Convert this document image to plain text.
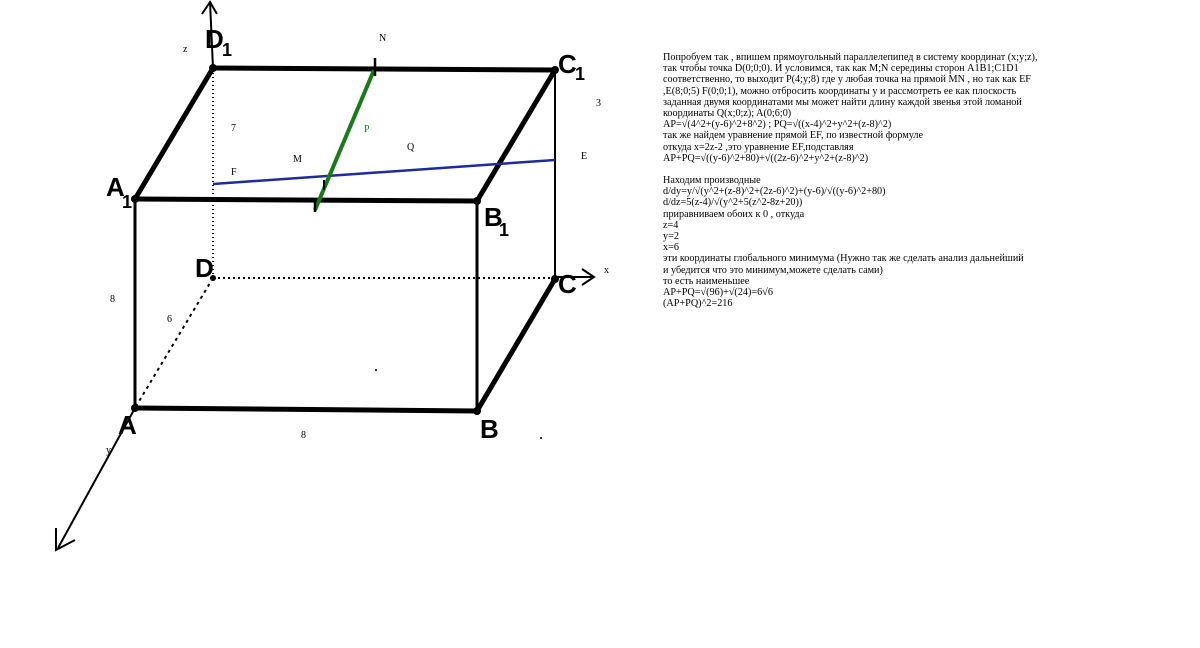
D
1	C
1
A
1	B
1
D
C
A	B
N
M
P
Q
F
E
z
x
y
8
8
6
7
3
Попробуем так , впишем прямоугольный параллелепипед в систему координат (x;y;z),
так чтобы точка D(0;0;0). И условимся, так как M;N середины сторон A1B1;C1D1
соответственно, то выходит P(4;y;8) где y любая точка на прямой MN , но так как EF
,E(8;0;5) F(0;0;1), можно отбросить координаты y и рассмотреть ее как плоскость
заданная двумя координатами мы может найти длину каждой звенья этой ломаной
координаты Q(x;0;z); A(0;6;0)
AP=√(4^2+(y-6)^2+8^2) ; PQ=√((x-4)^2+y^2+(z-8)^2)
так же найдем уравнение прямой EF, по известной формуле
откуда x=2z-2 ,это уравнение EF,подставляя
AP+PQ=√((y-6)^2+80)+√((2z-6)^2+y^2+(z-8)^2)
Находим производные
d/dy=y/√(y^2+(z-8)^2+(2z-6)^2)+(y-6)/√((y-6)^2+80)
d/dz=5(z-4)/√(y^2+5(z^2-8z+20))
приравниваем обоих к 0 , откуда
z=4
y=2
x=6
эти координаты глобального минимума (Нужно так же сделать анализ дальнейший
и убедится что это минимум,можете сделать сами)
то есть наименьшее
AP+PQ=√(96)+√(24)=6√6
(AP+PQ)^2=216
